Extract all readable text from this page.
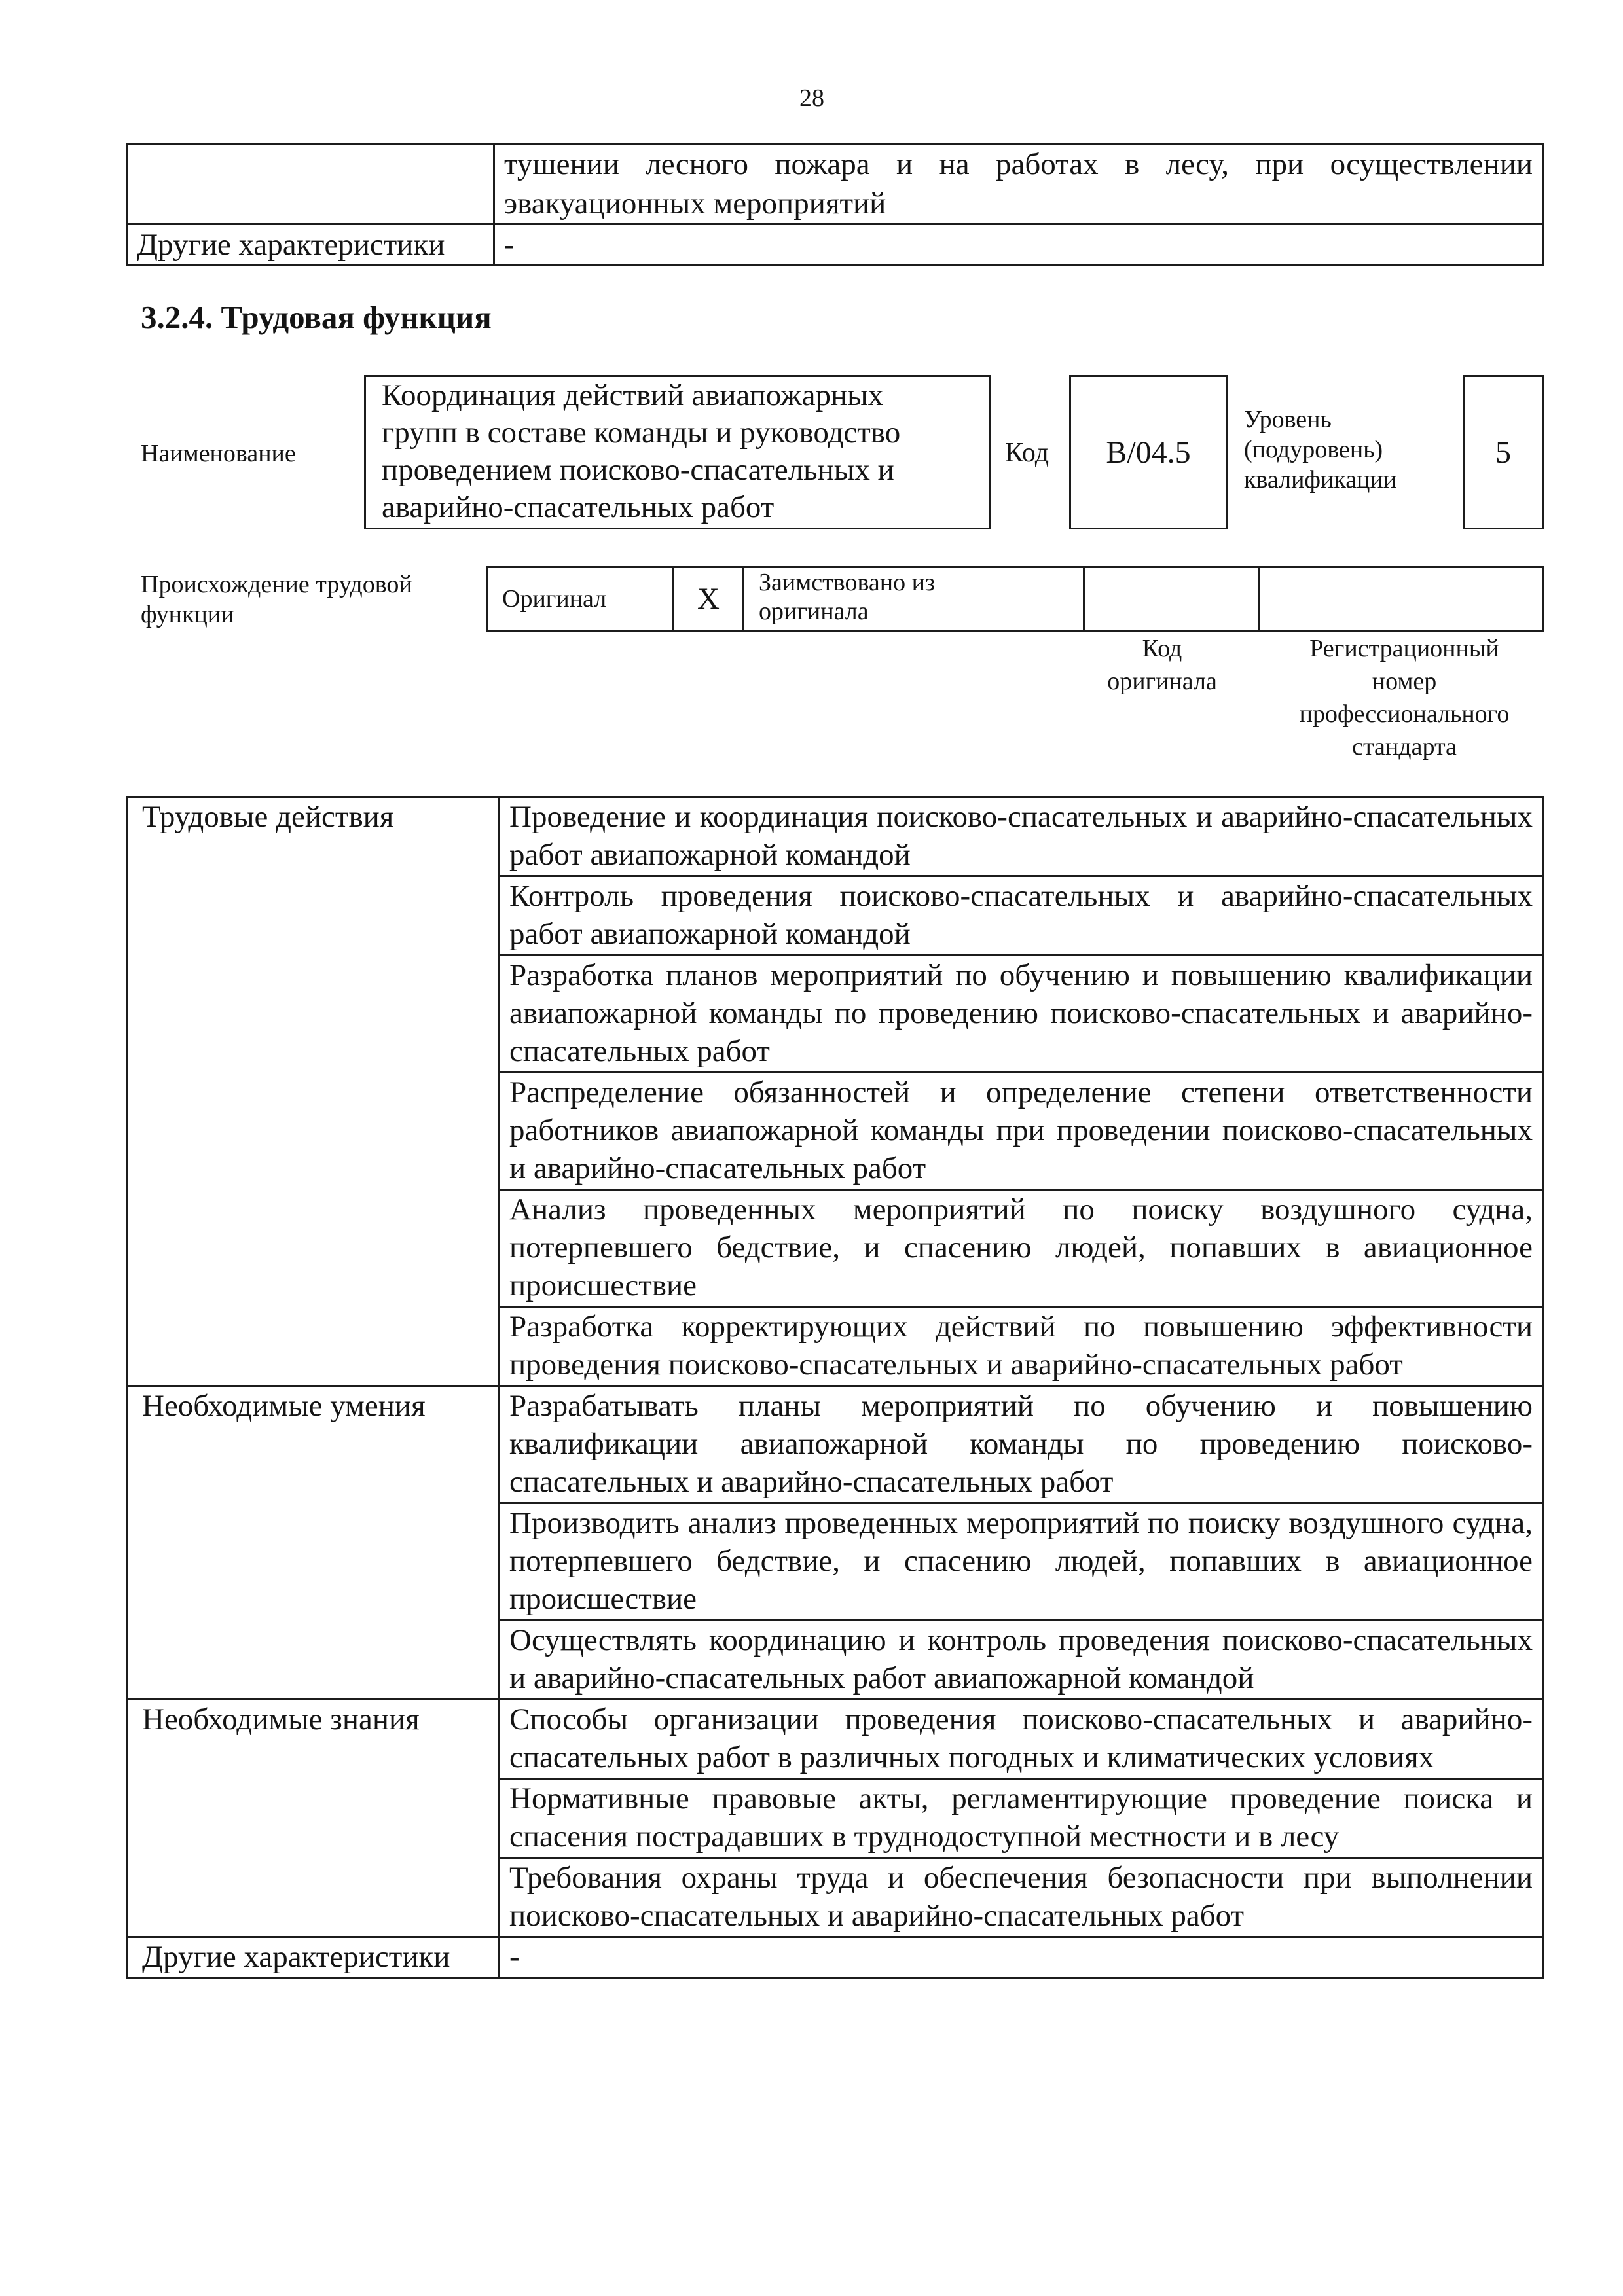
28
	тушении лесного пожара и на работах в лесу, при осуществлении эвакуационных мероприятий
Другие характеристики	-
3.2.4. Трудовая функция
Наименование
Координация действий авиапожарных
групп в составе команды и руководство
проведением поисково-спасательных и
аварийно-спасательных работ
Код B/04.5
Уровень
(подуровень)
квалификации
5
Происхождение трудовой
функции
Оригинал	X	Заимствовано из
оригинала

Код
оригинала
Регистрационный
номер
профессионального
стандарта
Трудовые действия	Проведение и координация поисково-спасательных и аварийно-спасательных работ авиапожарной командой
	Контроль проведения поисково-спасательных и аварийно-спасательных работ авиапожарной командой
	Разработка планов мероприятий по обучению и повышению квалификации авиапожарной команды по проведению поисково-спасательных и аварийно-спасательных работ
	Распределение обязанностей и определение степени ответственности работников авиапожарной команды при проведении поисково-спасательных и аварийно-спасательных работ
	Анализ проведенных мероприятий по поиску воздушного судна, потерпевшего бедствие, и спасению людей, попавших в авиационное происшествие
	Разработка корректирующих действий по повышению эффективности проведения поисково-спасательных и аварийно-спасательных работ
Необходимые умения	Разрабатывать планы мероприятий по обучению и повышению квалификации авиапожарной команды по проведению поисково-спасательных и аварийно-спасательных работ
	Производить анализ проведенных мероприятий по поиску воздушного судна, потерпевшего бедствие, и спасению людей, попавших в авиационное происшествие
	Осуществлять координацию и контроль проведения поисково-спасательных и аварийно-спасательных работ авиапожарной командой
Необходимые знания	Способы организации проведения поисково-спасательных и аварийно-спасательных работ в различных погодных и климатических условиях
	Нормативные правовые акты, регламентирующие проведение поиска и спасения пострадавших в труднодоступной местности и в лесу
	Требования охраны труда и обеспечения безопасности при выполнении поисково-спасательных и аварийно-спасательных работ
Другие характеристики	-
